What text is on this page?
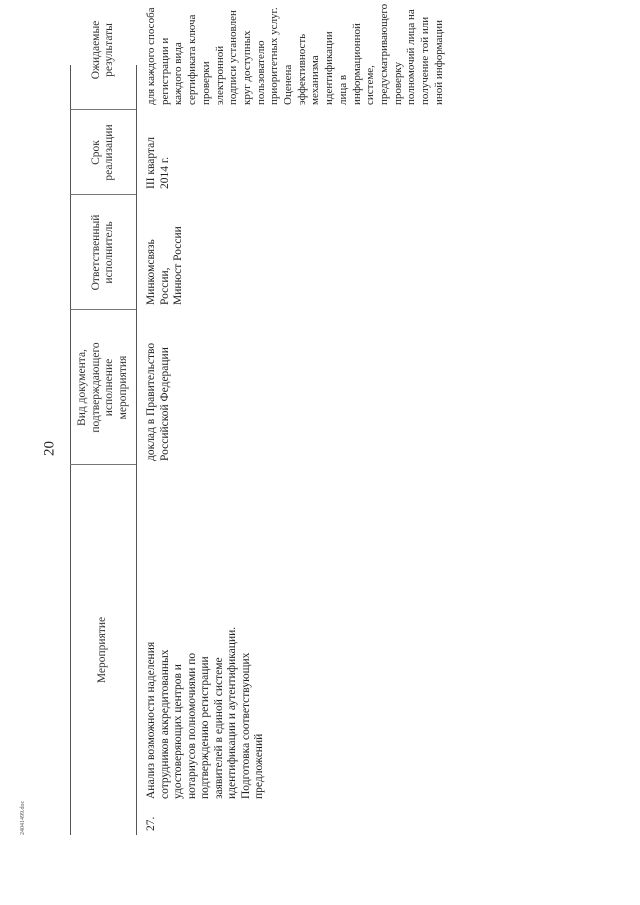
20
24041499.doc
Мероприятие
Вид документа,
подтверждающего
исполнение
мероприятия
Ответственный
исполнитель
Срок
реализации
Ожидаемые
результаты
27.
Анализ возможности наделения
сотрудников аккредитованных
удостоверяющих центров и
нотариусов полномочиями по
подтверждению регистрации
заявителей в единой системе
идентификации и аутентификации.
Подготовка соответствующих
предложений
доклад в Правительство
Российской Федерации
Минкомсвязь
России,
Минюст России
III квартал
2014 г.
для каждого способа
регистрации и
каждого вида
сертификата ключа
проверки
электронной
подписи установлен
круг доступных
пользователю
приоритетных услуг.
Оценена
эффективность
механизма
идентификации
лица в
информационной
системе,
предусматривающего
проверку
полномочий лица на
получение той или
иной информации
